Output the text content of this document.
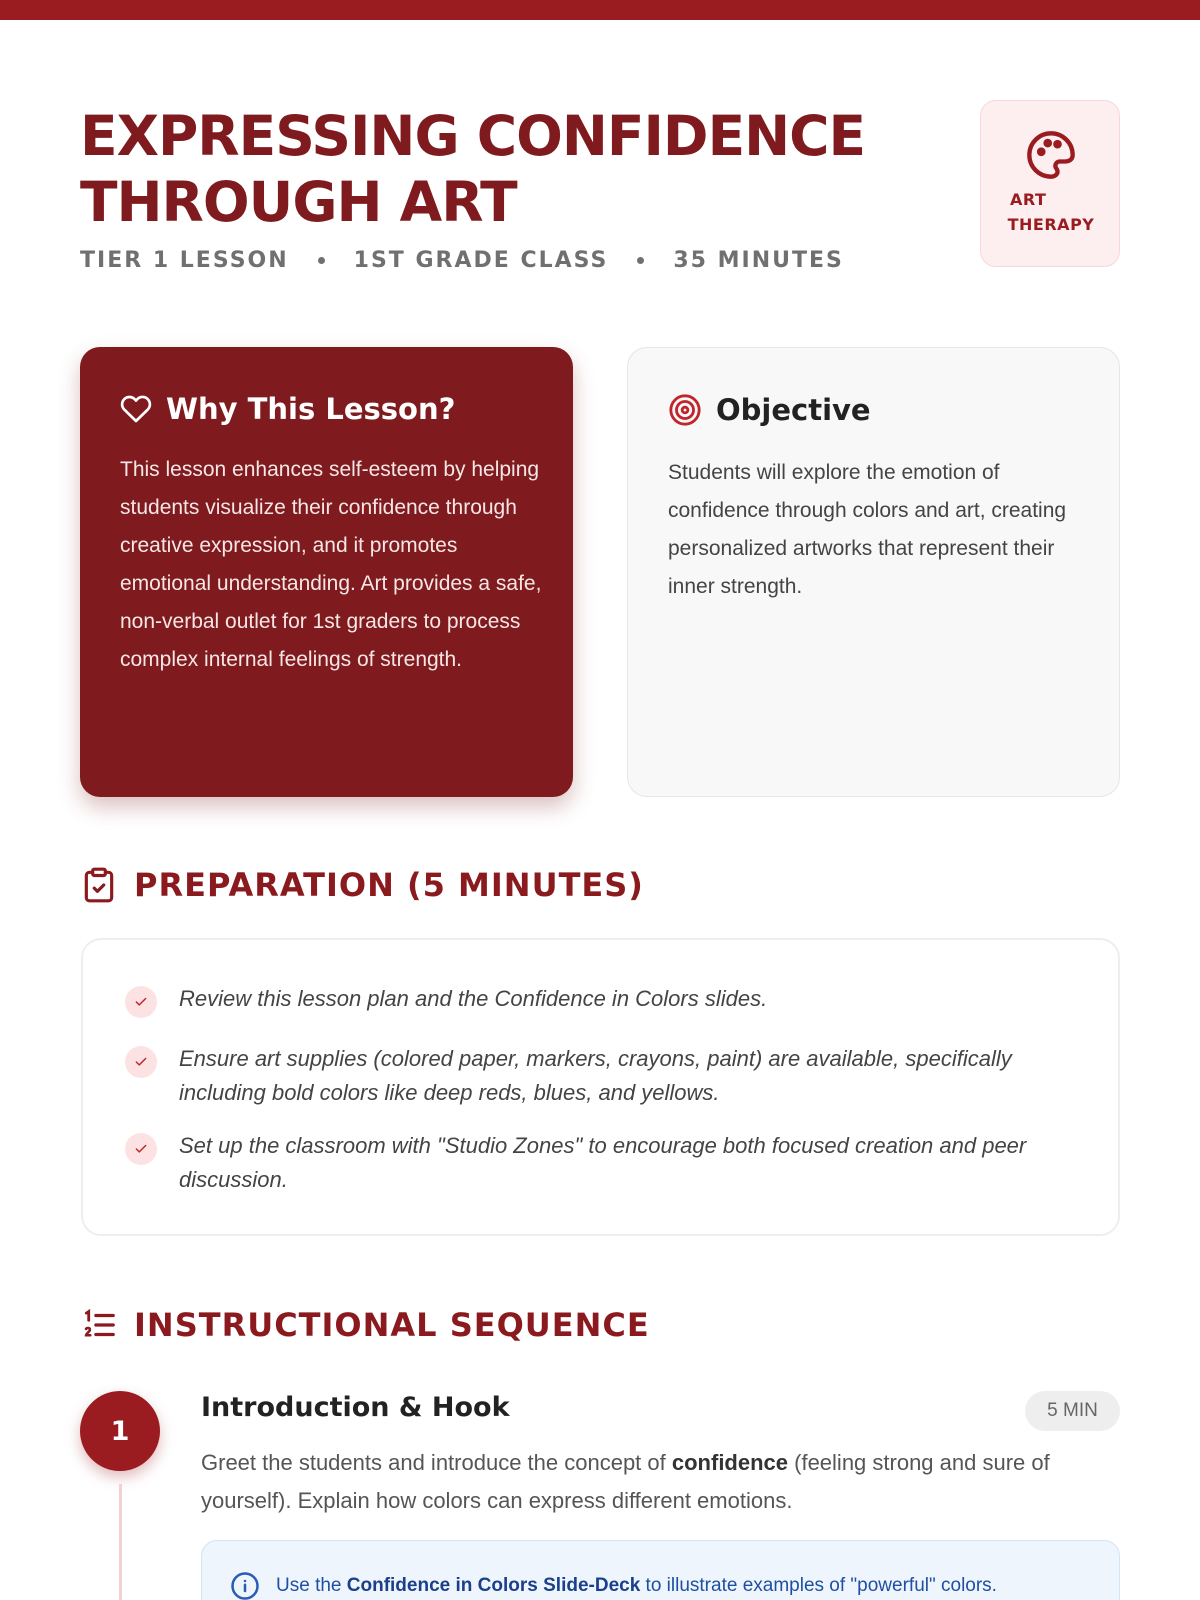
EXPRESSING CONFIDENCE
THROUGH ART
TIER 1 LESSON	1ST GRADE CLASS	35 MINUTES
ART
THERAPY
Why This Lesson?

This lesson enhances self-esteem by helping students visualize their confidence through creative expression, and it promotes emotional understanding. Art provides a safe, non-verbal outlet for 1st graders to process complex internal feelings of strength.

Objective

Students will explore the emotion of confidence through colors and art, creating personalized artworks that represent their inner strength.

PREPARATION (5 MINUTES)
Review this lesson plan and the Confidence in Colors slides.
Ensure art supplies (colored paper, markers, crayons, paint) are available, specifically including bold colors like deep reds, blues, and yellows.
Set up the classroom with "Studio Zones" to encourage both focused creation and peer discussion.
INSTRUCTIONAL SEQUENCE
1
Introduction & Hook	5 MIN
Greet the students and introduce the concept of confidence (feeling strong and sure of yourself). Explain how colors can express different emotions.
Use the Confidence in Colors Slide-Deck to illustrate examples of "powerful" colors.
